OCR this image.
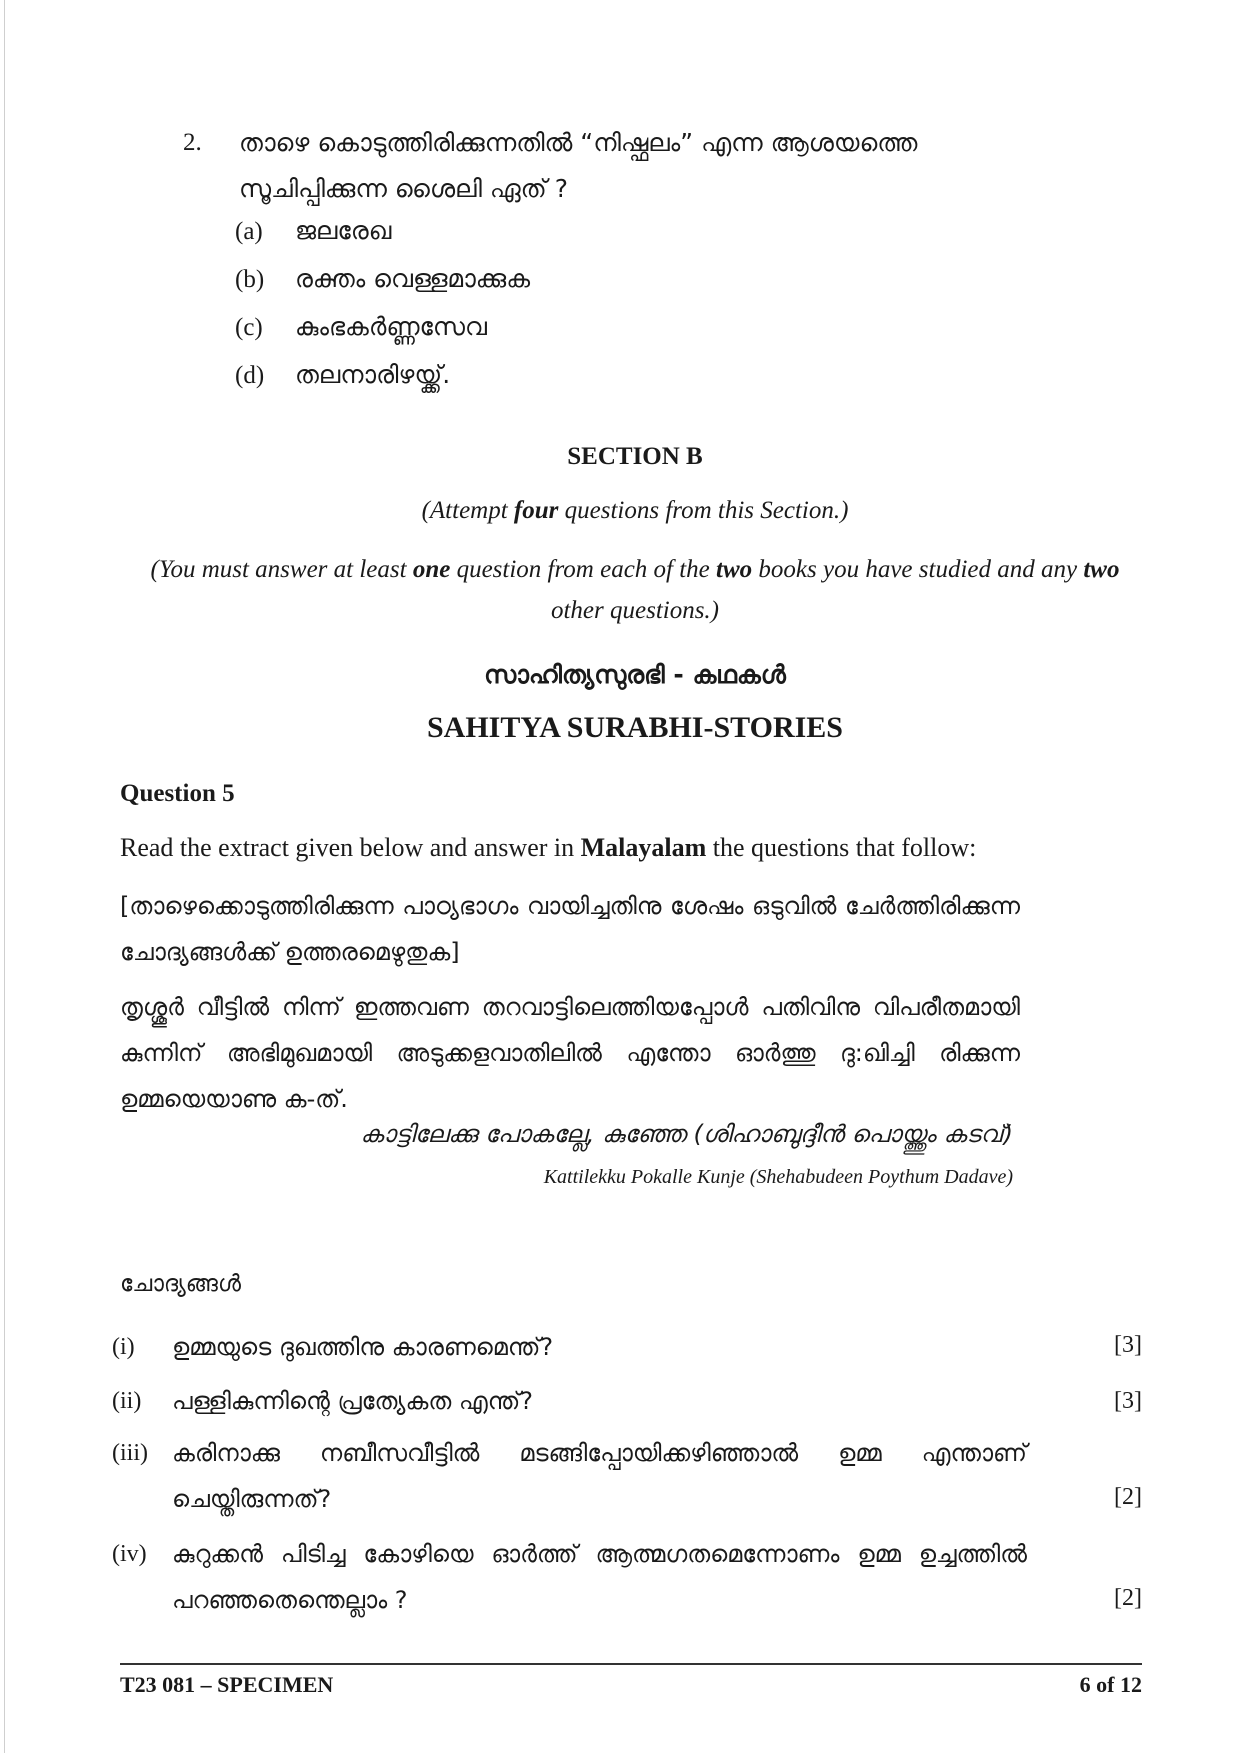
2. താഴെ കൊടുത്തിരിക്കുന്നതിൽ “നിഷ്ഫലം” എന്ന ആശയത്തെ സൂചിപ്പിക്കുന്ന ശൈലി ഏത് ?
(a) ജലരേഖ
(b) രക്തം വെള്ളമാക്കുക
(c) കുംഭകർണ്ണസേവ
(d) തലനാരിഴയ്ക്ക്.
SECTION B
(Attempt four questions from this Section.)
(You must answer at least one question from each of the two books you have studied and any two other questions.)
സാഹിത്യസുരഭി - കഥകൾ
SAHITYA SURABHI-STORIES
Question 5
Read the extract given below and answer in Malayalam the questions that follow:
[താഴെക്കൊടുത്തിരിക്കുന്ന പാഠ്യഭാഗം വായിച്ചതിനു ശേഷം ഒടുവിൽ ചേർത്തിരിക്കുന്ന ചോദ്യങ്ങൾക്ക് ഉത്തരമെഴുതുക]
തൃശ്ശൂർ വീട്ടിൽ നിന്ന് ഇത്തവണ തറവാട്ടിലെത്തിയപ്പോൾ പതിവിനു വിപരീതമായി കുന്നിന് അഭിമുഖമായി അടുക്കളവാതിലിൽ എന്തോ ഓർത്തു ദു:ഖിച്ചി രിക്കുന്ന ഉമ്മയെയാണു ക-ത്.
കാട്ടിലേക്കു പോകല്ലേ, കുഞ്ഞേ (ശിഹാബുദ്ദീൻ പൊയ്ത്തും കടവ്)
Kattilekku Pokalle Kunje (Shehabudeen Poythum Dadave)
ചോദ്യങ്ങൾ
(i) ഉമ്മയുടെ ദുഖത്തിനു കാരണമെന്ത്?	[3]
(ii) പള്ളികുന്നിന്റെ പ്രത്യേകത എന്ത്?	[3]
(iii) കരിനാക്കു നബീസവീട്ടിൽ മടങ്ങിപ്പോയിക്കഴിഞ്ഞാൽ ഉമ്മ എന്താണ് ചെയ്തിരുന്നത്?	[2]
(iv) കുറുക്കൻ പിടിച്ച കോഴിയെ ഓർത്ത് ആത്മഗതമെന്നോണം ഉമ്മ ഉച്ചത്തിൽ പറഞ്ഞതെന്തെല്ലാം ?	[2]
T23 081 – SPECIMEN	6 of 12
